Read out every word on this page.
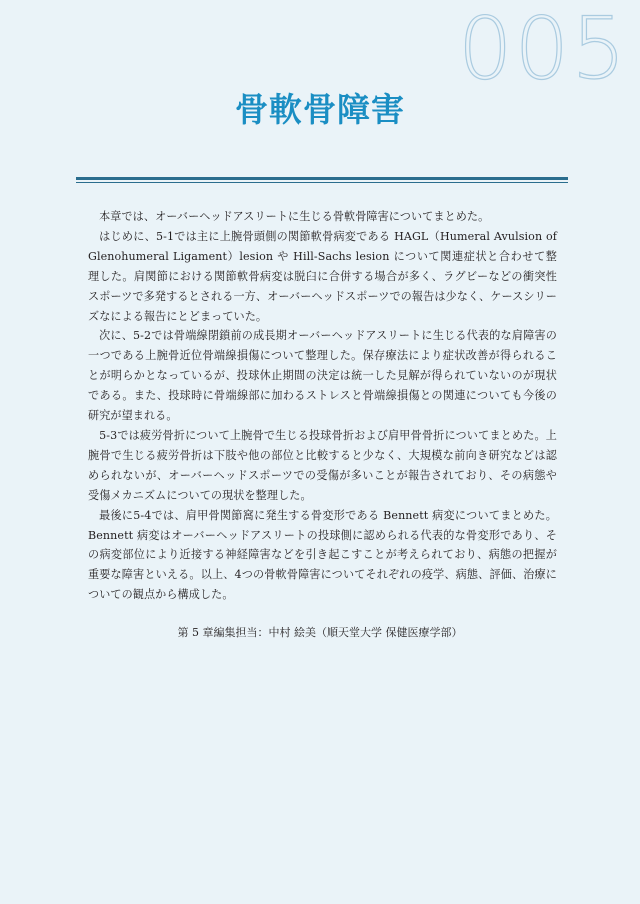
005
骨軟骨障害

本章では、オーバーヘッドアスリートに生じる骨軟骨障害についてまとめた。

はじめに、5-1では主に上腕骨頭側の関節軟骨病変である HAGL（Humeral Avulsion of Glenohumeral Ligament）lesion や Hill-Sachs lesion について関連症状と合わせて整理した。肩関節における関節軟骨病変は脱臼に合併する場合が多く、ラグビーなどの衝突性スポーツで多発するとされる一方、オーバーヘッドスポーツでの報告は少なく、ケースシリーズなによる報告にとどまっていた。

次に、5-2では骨端線閉鎖前の成長期オーバーヘッドアスリートに生じる代表的な肩障害の一つである上腕骨近位骨端線損傷について整理した。保存療法により症状改善が得られることが明らかとなっているが、投球休止期間の決定は統一した見解が得られていないのが現状である。また、投球時に骨端線部に加わるストレスと骨端線損傷との関連についても今後の研究が望まれる。

5-3では疲労骨折について上腕骨で生じる投球骨折および肩甲骨骨折についてまとめた。上腕骨で生じる疲労骨折は下肢や他の部位と比較すると少なく、大規模な前向き研究などは認められないが、オーバーヘッドスポーツでの受傷が多いことが報告されており、その病態や受傷メカニズムについての現状を整理した。

最後に5-4では、肩甲骨関節窩に発生する骨変形である Bennett 病変についてまとめた。Bennett 病変はオーバーヘッドアスリートの投球側に認められる代表的な骨変形であり、その病変部位により近接する神経障害などを引き起こすことが考えられており、病態の把握が重要な障害といえる。以上、4つの骨軟骨障害についてそれぞれの疫学、病態、評価、治療についての観点から構成した。

第 5 章編集担当：中村 絵美（順天堂大学 保健医療学部）
